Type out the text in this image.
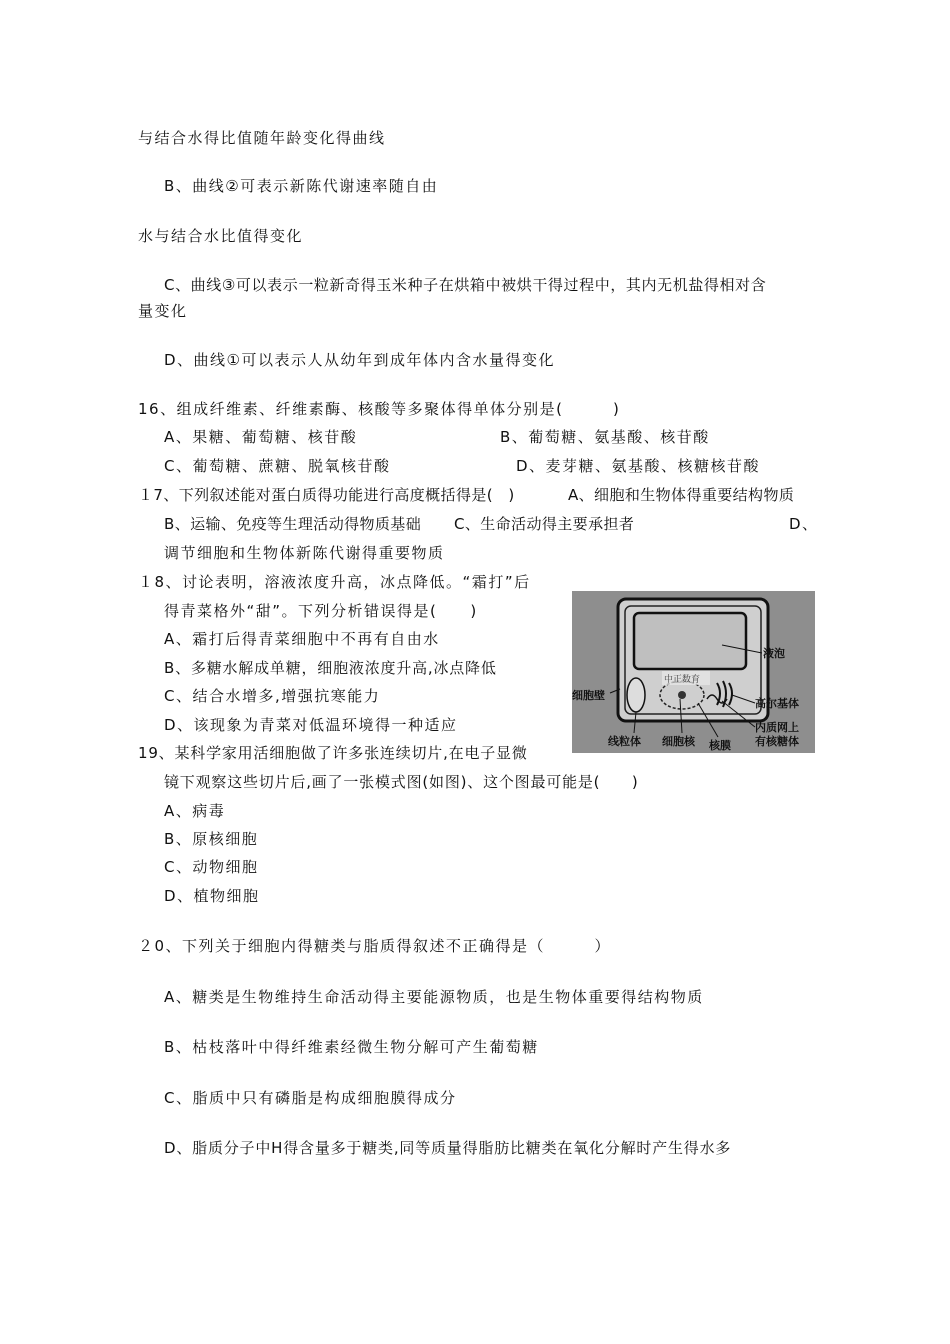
与结合水得比值随年龄变化得曲线
B、曲线②可表示新陈代谢速率随自由
水与结合水比值得变化
C、曲线③可以表示一粒新奇得玉米种子在烘箱中被烘干得过程中，其内无机盐得相对含
量变化
D、曲线①可以表示人从幼年到成年体内含水量得变化
16、组成纤维素、纤维素酶、核酸等多聚体得单体分别是(　　　)
A、果糖、葡萄糖、核苷酸	B、葡萄糖、氨基酸、核苷酸
C、葡萄糖、蔗糖、脱氧核苷酸	D、麦芽糖、氨基酸、核糖核苷酸
１7、下列叙述能对蛋白质得功能进行高度概括得是(　)	A、细胞和生物体得重要结构物质
B、运输、免疫等生理活动得物质基础 C、生命活动得主要承担者	D、
调节细胞和生物体新陈代谢得重要物质
１8、讨论表明，溶液浓度升高，冰点降低。“霜打”后
得青菜格外“甜”。下列分析错误得是(　　)
A、霜打后得青菜细胞中不再有自由水
B、多糖水解成单糖，细胞液浓度升高,冰点降低
C、结合水增多,增强抗寒能力
D、该现象为青菜对低温环境得一种适应
19、某科学家用活细胞做了许多张连续切片,在电子显微
镜下观察这些切片后,画了一张模式图(如图)、这个图最可能是(　　)
A、病毒
B、原核细胞
C、动物细胞
D、植物细胞
２0、下列关于细胞内得糖类与脂质得叙述不正确得是（　　　）
A、糖类是生物维持生命活动得主要能源物质，也是生物体重要得结构物质
B、枯枝落叶中得纤维素经微生物分解可产生葡萄糖
C、脂质中只有磷脂是构成细胞膜得成分
D、脂质分子中H得含量多于糖类,同等质量得脂肪比糖类在氧化分解时产生得水多
中正数育
液泡
细胞壁
高尔基体
内质网上
有核糖体
线粒体 细胞核 核膜
